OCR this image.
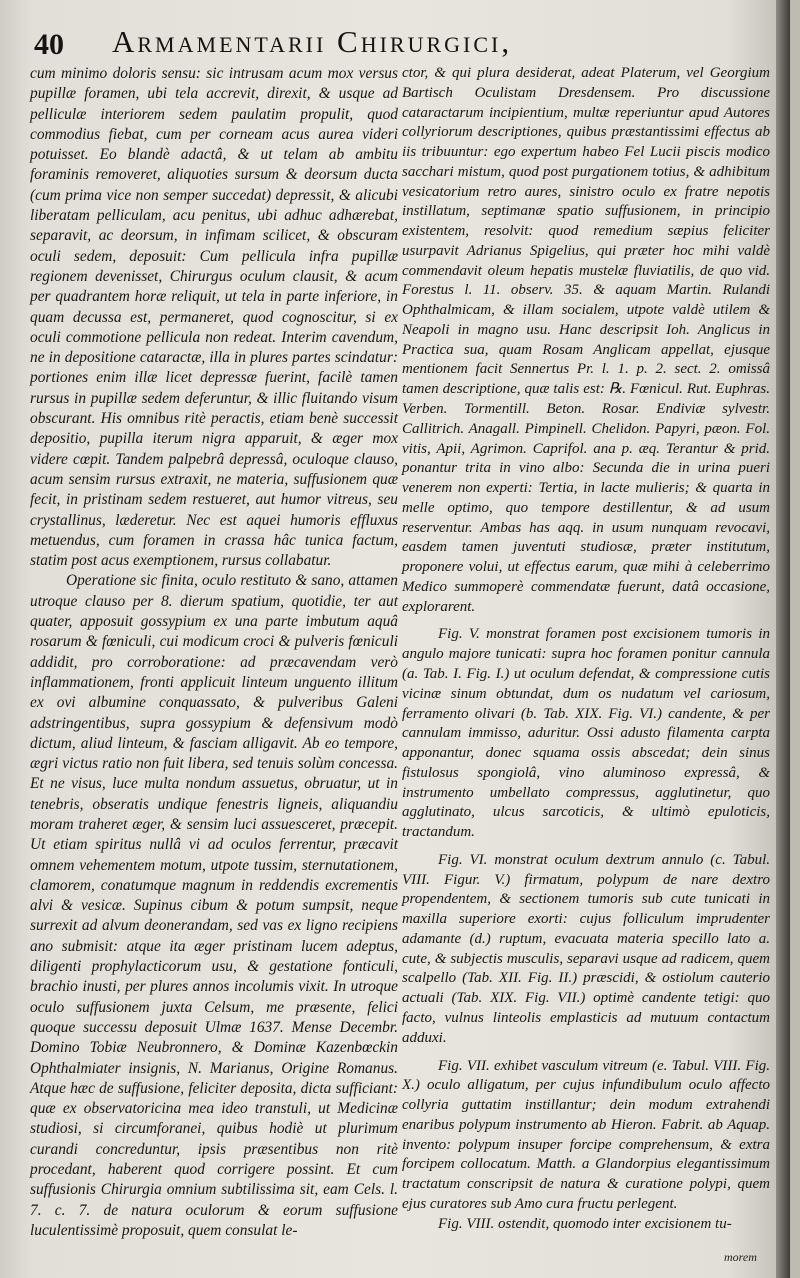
40 Armamentarii Chirurgici,

cum minimo doloris sensu: sic intrusam acum mox versus pupillæ foramen, ubi tela accrevit, direxit, & usque ad pelliculæ interiorem sedem paulatim propulit, quod commodius fiebat, cum per corneam acus aurea videri potuisset. Eo blandè adactâ, & ut telam ab ambitu foraminis removeret, aliquoties sursum & deorsum ducta (cum prima vice non semper succedat) depressit, & alicubi liberatam pelliculam, acu penitus, ubi adhuc adhærebat, separavit, ac deorsum, in infimam scilicet, & obscuram oculi sedem, deposuit: Cum pellicula infra pupillæ regionem devenisset, Chirurgus oculum clausit, & acum per quadrantem horæ reliquit, ut tela in parte inferiore, in quam decussa est, permaneret, quod cognoscitur, si ex oculi commotione pellicula non redeat. Interim cavendum, ne in depositione cataractæ, illa in plures partes scindatur: portiones enim illæ licet depressæ fuerint, facilè tamen rursus in pupillæ sedem deferuntur, & illic fluitando visum obscurant. His omnibus ritè peractis, etiam benè successit depositio, pupilla iterum nigra apparuit, & æger mox videre cœpit. Tandem palpebrâ depressâ, oculoque clauso, acum sensim rursus extraxit, ne materia, suffusionem quæ fecit, in pristinam sedem restueret, aut humor vitreus, seu crystallinus, læderetur. Nec est aquei humoris effluxus metuendus, cum foramen in crassa hâc tunica factum, statim post acus exemptionem, rursus collabatur.

Operatione sic finita, oculo restituto & sano, attamen utroque clauso per 8. dierum spatium, quotidie, ter aut quater, apposuit gossypium ex una parte imbutum aquâ rosarum & fœniculi, cui modicum croci & pulveris fœniculi addidit, pro corroboratione: ad præcavendam verò inflammationem, fronti applicuit linteum unguento illitum ex ovi albumine conquassato, & pulveribus Galeni adstringentibus, supra gossypium & defensivum modò dictum, aliud linteum, & fasciam alligavit. Ab eo tempore, ægri victus ratio non fuit libera, sed tenuis solùm concessa. Et ne visus, luce multa nondum assuetus, obruatur, ut in tenebris, obseratis undique fenestris ligneis, aliquandiu moram traheret æger, & sensim luci assuesceret, præcepit. Ut etiam spiritus nullâ vi ad oculos ferrentur, præcavit omnem vehementem motum, utpote tussim, sternutationem, clamorem, conatumque magnum in reddendis excrementis alvi & vesicæ. Supinus cibum & potum sumpsit, neque surrexit ad alvum deonerandam, sed vas ex ligno recipiens ano submisit: atque ita æger pristinam lucem adeptus, diligenti prophylacticorum usu, & gestatione fonticuli, brachio inusti, per plures annos incolumis vixit. In utroque oculo suffusionem juxta Celsum, me præsente, felici quoque successu deposuit Ulmæ 1637. Mense Decembr. Domino Tobiæ Neubronnero, & Dominæ Kazenbœckin Ophthalmiater insignis, N. Marianus, Origine Romanus. Atque hæc de suffusione, feliciter deposita, dicta sufficiant: quæ ex observatoricina mea ideo transtuli, ut Medicinæ studiosi, si circumforanei, quibus hodiè ut plurimum curandi concreduntur, ipsis præsentibus non ritè procedant, haberent quod corrigere possint. Et cum suffusionis Chirurgia omnium subtilissima sit, eam Cels. l. 7. c. 7. de natura oculorum & eorum suffusione luculentissimè proposuit, quem consulat le-

ctor, & qui plura desiderat, adeat Platerum, vel Georgium Bartisch Oculistam Dresdensem. Pro discussione cataractarum incipientium, multæ reperiuntur apud Autores collyriorum descriptiones, quibus præstantissimi effectus ab iis tribuuntur: ego expertum habeo Fel Lucii piscis modico sacchari mistum, quod post purgationem totius, & adhibitum vesicatorium retro aures, sinistro oculo ex fratre nepotis instillatum, septimanæ spatio suffusionem, in principio existentem, resolvit: quod remedium sæpius feliciter usurpavit Adrianus Spigelius, qui præter hoc mihi valdè commendavit oleum hepatis mustelæ fluviatilis, de quo vid. Forestus l. 11. observ. 35. & aquam Martin. Rulandi Ophthalmicam, & illam socialem, utpote valdè utilem & Neapoli in magno usu. Hanc descripsit Ioh. Anglicus in Practica sua, quam Rosam Anglicam appellat, ejusque mentionem facit Sennertus Pr. l. 1. p. 2. sect. 2. omissâ tamen descriptione, quæ talis est: ℞. Fœnicul. Rut. Euphras. Verben. Tormentill. Beton. Rosar. Endiviæ sylvestr. Callitrich. Anagall. Pimpinell. Chelidon. Papyri, pæon. Fol. vitis, Apii, Agrimon. Caprifol. ana p. æq. Terantur & prid. ponantur trita in vino albo: Secunda die in urina pueri venerem non experti: Tertia, in lacte mulieris; & quarta in melle optimo, quo tempore destillentur, & ad usum reserventur. Ambas has aqq. in usum nunquam revocavi, easdem tamen juventuti studiosæ, præter institutum, proponere volui, ut effectus earum, quæ mihi à celeberrimo Medico summoperè commendatæ fuerunt, datâ occasione, explorarent.

Fig. V. monstrat foramen post excisionem tumoris in angulo majore tunicati: supra hoc foramen ponitur cannula (a. Tab. I. Fig. I.) ut oculum defendat, & compressione cutis vicinæ sinum obtundat, dum os nudatum vel cariosum, ferramento olivari (b. Tab. XIX. Fig. VI.) candente, & per cannulam immisso, aduritur. Ossi adusto filamenta carpta apponantur, donec squama ossis abscedat; dein sinus fistulosus spongiolâ, vino aluminoso expressâ, & instrumento umbellato compressus, agglutinetur, quo agglutinato, ulcus sarcoticis, & ultimò epuloticis, tractandum.

Fig. VI. monstrat oculum dextrum annulo (c. Tabul. VIII. Figur. V.) firmatum, polypum de nare dextro propendentem, & sectionem tumoris sub cute tunicati in maxilla superiore exorti: cujus folliculum imprudenter adamante (d.) ruptum, evacuata materia specillo lato a. cute, & subjectis musculis, separavi usque ad radicem, quem scalpello (Tab. XII. Fig. II.) præscidi, & ostiolum cauterio actuali (Tab. XIX. Fig. VII.) optimè candente tetigi: quo facto, vulnus linteolis emplasticis ad mutuum contactum adduxi.

Fig. VII. exhibet vasculum vitreum (e. Tabul. VIII. Fig. X.) oculo alligatum, per cujus infundibulum oculo affecto collyria guttatim instillantur; dein modum extrahendi enaribus polypum instrumento ab Hieron. Fabrit. ab Aquap. invento: polypum insuper forcipe comprehensum, & extra forcipem collocatum. Matth. a Glandorpius elegantissimum tractatum conscripsit de natura & curatione polypi, quem ejus curatores sub Amo cura fructu perlegent.

Fig. VIII. ostendit, quomodo inter excisionem tu-

morem
